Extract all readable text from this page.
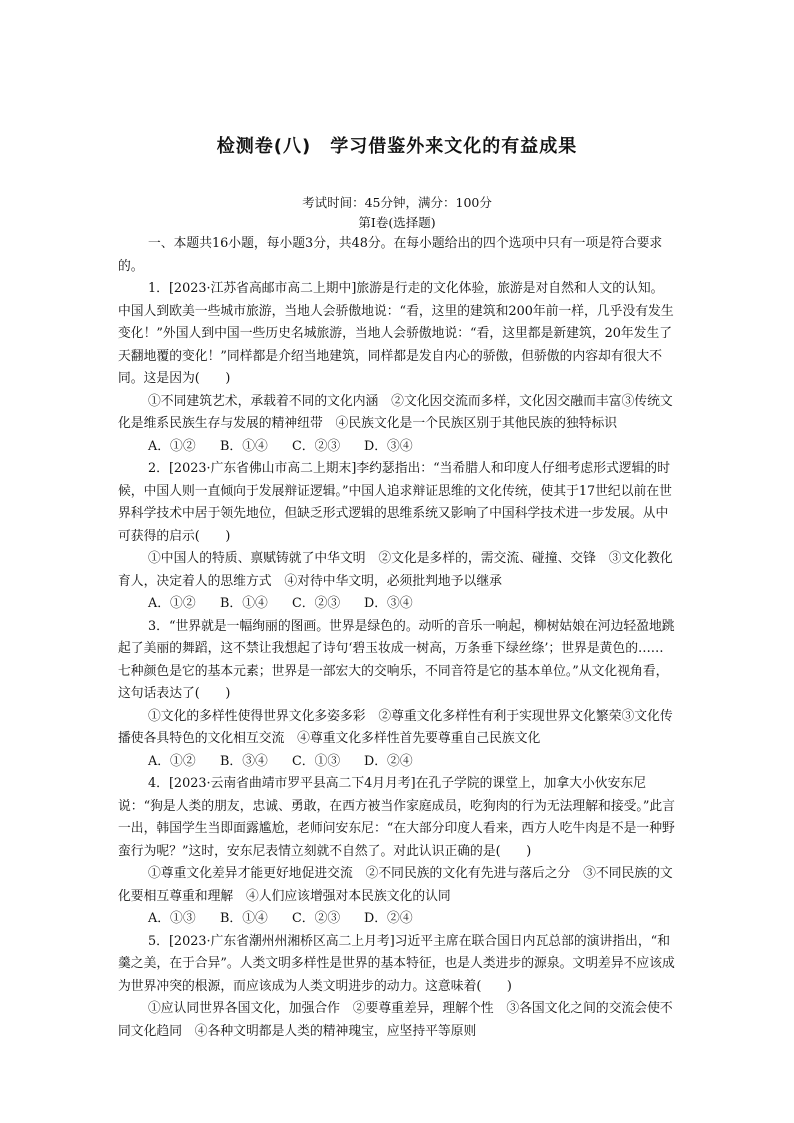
检测卷(八)　学习借鉴外来文化的有益成果
考试时间：45分钟，满分：100分
第Ⅰ卷(选择题)

一、本题共16小题，每小题3分，共48分。在每小题给出的四个选项中只有一项是符合要求的。

1．[2023·江苏省高邮市高二上期中]旅游是行走的文化体验，旅游是对自然和人文的认知。中国人到欧美一些城市旅游，当地人会骄傲地说：“看，这里的建筑和200年前一样，几乎没有发生变化！”外国人到中国一些历史名城旅游，当地人会骄傲地说：“看，这里都是新建筑，20年发生了天翻地覆的变化！”同样都是介绍当地建筑，同样都是发自内心的骄傲，但骄傲的内容却有很大不同。这是因为(　　)

①不同建筑艺术，承载着不同的文化内涵　②文化因交流而多样，文化因交融而丰富③传统文化是维系民族生存与发展的精神纽带　④民族文化是一个民族区别于其他民族的独特标识

A．①② B．①④ C．②③ D．③④

2．[2023·广东省佛山市高二上期末]李约瑟指出：“当希腊人和印度人仔细考虑形式逻辑的时候，中国人则一直倾向于发展辩证逻辑。”中国人追求辩证思维的文化传统，使其于17世纪以前在世界科学技术中居于领先地位，但缺乏形式逻辑的思维系统又影响了中国科学技术进一步发展。从中可获得的启示(　　)

①中国人的特质、禀赋铸就了中华文明　②文化是多样的，需交流、碰撞、交锋　③文化教化育人，决定着人的思维方式　④对待中华文明，必须批判地予以继承

A．①② B．①④ C．②③ D．③④

3．“世界就是一幅绚丽的图画。世界是绿色的。动听的音乐一响起，柳树姑娘在河边轻盈地跳起了美丽的舞蹈，这不禁让我想起了诗句‘碧玉妆成一树高，万条垂下绿丝绦’；世界是黄色的……七种颜色是它的基本元素；世界是一部宏大的交响乐，不同音符是它的基本单位。”从文化视角看，这句话表达了(　　)

①文化的多样性使得世界文化多姿多彩　②尊重文化多样性有利于实现世界文化繁荣③文化传播使各具特色的文化相互交流　④尊重文化多样性首先要尊重自己民族文化

A．①② B．③④ C．①③ D．②④

4．[2023·云南省曲靖市罗平县高二下4月月考]在孔子学院的课堂上，加拿大小伙安东尼说：“狗是人类的朋友，忠诚、勇敢，在西方被当作家庭成员，吃狗肉的行为无法理解和接受。”此言一出，韩国学生当即面露尴尬，老师问安东尼：“在大部分印度人看来，西方人吃牛肉是不是一种野蛮行为呢？”这时，安东尼表情立刻就不自然了。对此认识正确的是(　　)

①尊重文化差异才能更好地促进交流　②不同民族的文化有先进与落后之分　③不同民族的文化要相互尊重和理解　④人们应该增强对本民族文化的认同

A．①③ B．①④ C．②③ D．②④

5．[2023·广东省潮州州湘桥区高二上月考]习近平主席在联合国日内瓦总部的演讲指出，“和羹之美，在于合异”。人类文明多样性是世界的基本特征，也是人类进步的源泉。文明差异不应该成为世界冲突的根源，而应该成为人类文明进步的动力。这意味着(　　)

①应认同世界各国文化，加强合作　②要尊重差异，理解个性　③各国文化之间的交流会使不同文化趋同　④各种文明都是人类的精神瑰宝，应坚持平等原则
